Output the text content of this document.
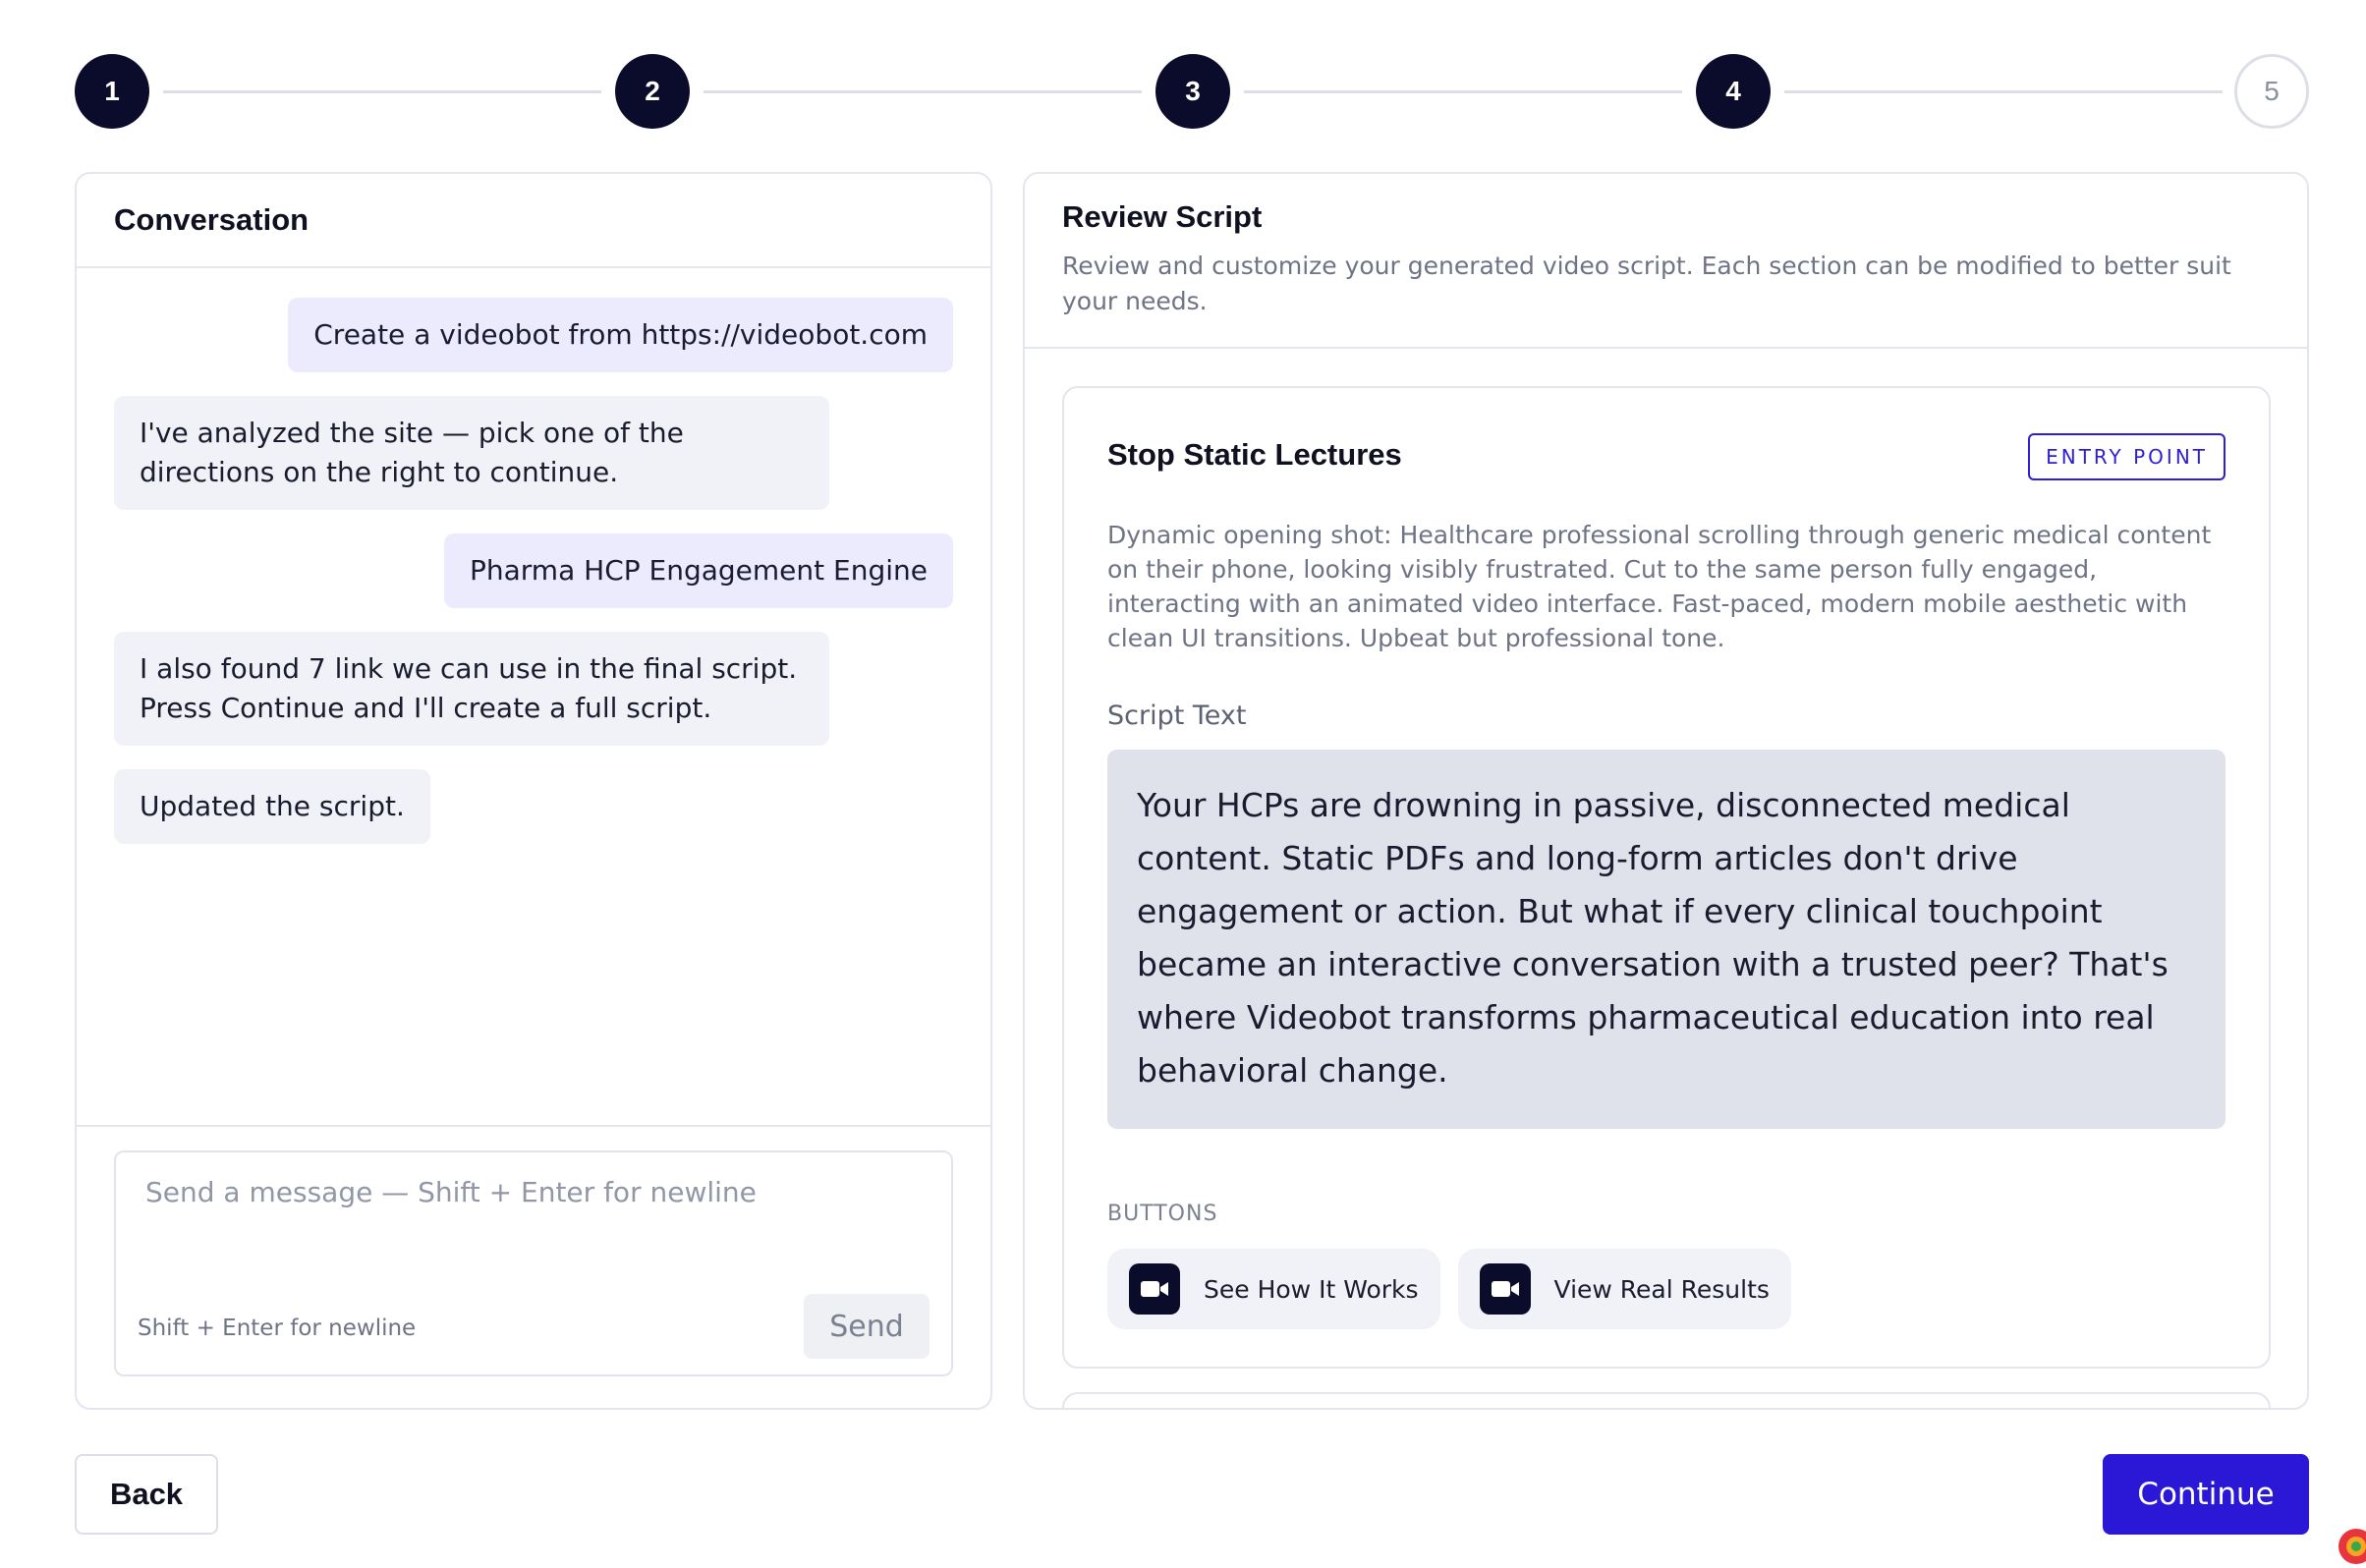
1	2	3	4	5
Conversation
Create a videobot from https://videobot.com
I've analyzed the site — pick one of the directions on the right to continue.
Pharma HCP Engagement Engine
I also found 7 link we can use in the final script. Press Continue and I'll create a full script.
Updated the script.
Send a message — Shift + Enter for newline
Shift + Enter for newline	Send
Review Script
Review and customize your generated video script. Each section can be modified to better suit your needs.
Stop Static Lectures	ENTRY POINT
Dynamic opening shot: Healthcare professional scrolling through generic medical content on their phone, looking visibly frustrated. Cut to the same person fully engaged, interacting with an animated video interface. Fast-paced, modern mobile aesthetic with clean UI transitions. Upbeat but professional tone.
Script Text
Your HCPs are drowning in passive, disconnected medical content. Static PDFs and long-form articles don't drive engagement or action. But what if every clinical touchpoint became an interactive conversation with a trusted peer? That's where Videobot transforms pharmaceutical education into real behavioral change.
BUTTONS
See How It Works	View Real Results
Back	Continue
